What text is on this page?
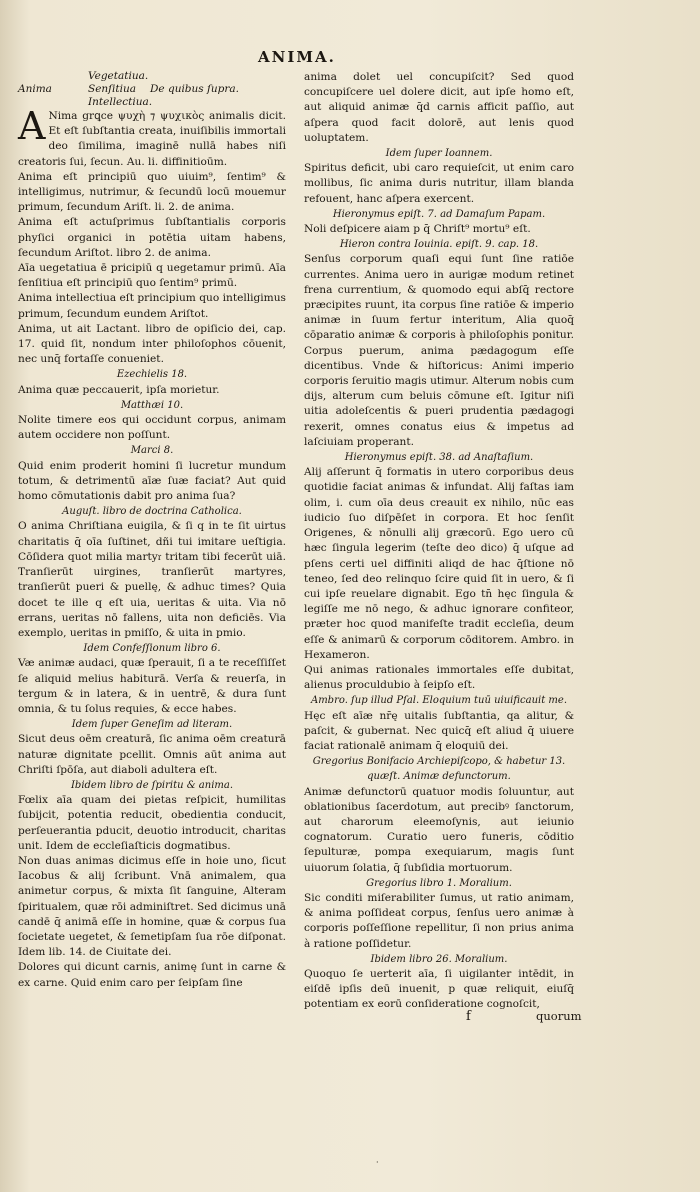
ANIMA.
Vegetatiua.
Anima	Senſitiua	De quibus ſupra.
Intellectiua.

A Nima grꝗce ψυχὴ ⁊ ψυχικὸς animalis dicit. Et eſt ſubſtantia creata, inuiſibilis immortali deo ſimilima, imaginē nullā habes niſi creatoris ſui, ſecun. Au. li. diffinitioūm.

Anima eſt principiū quo uiuim⁹, ſentim⁹ & intelligimus, nutrimur, & ſecundū locū mouemur primum, ſecundum Ariſt. li. 2. de anima.

Anima eſt actuſprimus ſubſtantialis corporis phyſici organici in potētia uitam habens, ſecundum Ariſtot. libro 2. de anima.

Aīa uegetatiua ē pricipiū q uegetamur primū. Aīa ſenſitiua eſt principiū quo ſentim⁹ primū.

Anima intellectiua eſt principium quo intelligimus primum, ſecundum eundem Ariſtot.

Anima, ut ait Lactant. libro de opiſicio dei, cap. 17. quid ſit, nondum inter philoſophos cōuenit, nec unq̄ fortaſſe conueniet.

Ezechielis 18.

Anima quæ peccauerit, ipſa morietur.

Matthæi 10.

Nolite timere eos qui occidunt corpus, animam autem occidere non poſſunt.

Marci 8.

Quid enim proderit homini ſi lucretur mundum totum, & detrimentū aīæ ſuæ faciat? Aut quid homo cōmutationis dabit pro anima ſua?

Auguſt. libro de doctrina Catholica.

O anima Chriſtiana euigila, & ſi q in te ſit uirtus charitatis q̄ oīa ſuſtinet, dñi tui imitare ueſtigia. Cōſidera quot milia marty𝔯 tritam tibi fecerūt uiā. Tranſierūt uirgines, tranſierūt martyres, tranſierūt pueri & puellę, & adhuc times? Quia docet te ille q eſt uia, ueritas & uita. Via nō errans, ueritas nō fallens, uita non deficiēs. Via exemplo, ueritas in pmiſſo, & uita in pmio.

Idem Confeſſionum libro 6.

Væ animæ audaci, quæ ſperauit, ſi a te receſſiſſet ſe aliquid melius habiturā. Verſa & reuerſa, in tergum & in latera, & in uentrē, & dura ſunt omnia, & tu ſolus requies, & ecce habes.

Idem ſuper Geneſim ad literam.

Sicut deus oēm creaturā, ſic anima oēm creaturā naturæ dignitate pcellit. Omnis aūt anima aut Chriſti ſpōſa, aut diaboli adultera eſt.

Ibidem libro de ſpiritu & anima.

Fœlix aīa quam dei pietas reſpicit, humilitas ſubijcit, potentia reducit, obedientia conducit, perſeuerantia pducit, deuotio introducit, charitas unit. Idem de eccleſiaſticis dogmatibus.

Non duas animas dicimus eſſe in hoie uno, ſicut Iacobus & alij ſcribunt. Vnā animalem, qua animetur corpus, & mixta ſit ſanguine, Alteram ſpiritualem, quæ rōi adminiſtret. Sed dicimus unā candē q̄ animā eſſe in homine, quæ & corpus ſua ſocietate uegetet, & ſemetipſam ſua rōe diſponat. Idem lib. 14. de Ciuitate dei.

Dolores qui dicunt carnis, animę ſunt in carne & ex carne. Quid enim caro per ſeipſam ſine

anima dolet uel concupiſcit? Sed quod concupiſcere uel dolere dicit, aut ipſe homo eſt, aut aliquid animæ q̄d carnis afficit paſſio, aut aſpera quod facit dolorē, aut lenis quod uoluptatem.

Idem ſuper Ioannem.

Spiritus deficit, ubi caro requieſcit, ut enim caro mollibus, ſic anima duris nutritur, illam blanda refouent, hanc aſpera exercent.

Hieronymus epiſt. 7. ad Damaſum Papam.

Noli deſpicere aiam p q̄ Chriſt⁹ mortu⁹ eſt.

Hieron contra Iouinia. epiſt. 9. cap. 18.

Senſus corporum quaſi equi ſunt ſine ratiōe currentes. Anima uero in aurigæ modum retinet frena currentium, & quomodo equi abſq̄ rectore præcipites ruunt, ita corpus ſine ratiōe & imperio animæ in ſuum fertur interitum, Alia quoq̄ cōparatio animæ & corporis à philoſophis ponitur. Corpus puerum, anima pædagogum eſſe dicentibus. Vnde & hiſtoricus: Animi imperio corporis ſeruitio magis utimur. Alterum nobis cum dijs, alterum cum beluis cōmune eſt. Igitur niſi uitia adoleſcentis & pueri prudentia pædagogi rexerit, omnes conatus eius & impetus ad laſciuiam properant.

Hieronymus epiſt. 38. ad Anaſtaſium.

Alij aſſerunt q̄ formatis in utero corporibus deus quotidie faciat animas & infundat. Alij faſtas iam olim, i. cum oīa deus creauit ex nihilo, nūc eas iudicio ſuo diſpēſet in corpora. Et hoc ſenſit Origenes, & nōnulli alij græcorū. Ego uero cū hæc ſingula legerim (teſte deo dico) q̄ uſque ad pſens certi uel diffiniti aliqd de hac q̄ſtione nō teneo, ſed deo relinquo ſcire quid ſit in uero, & ſi cui ipſe reuelare dignabit. Ego tn̄ hęc ſingula & legiſſe me nō nego, & adhuc ignorare confiteor, præter hoc quod manifeſte tradit eccleſia, deum eſſe & animarū & corporum cōditorem. Ambro. in Hexameron.

Qui animas rationales immortales eſſe dubitat, alienus proculdubio à ſeipſo eſt.

Ambro. ſup illud Pſal. Eloquium tuū uiuificauit me.

Hęc eſt aīæ nr̄ę uitalis ſubſtantia, qa alitur, & paſcit, & gubernat. Nec quicq̄ eſt aliud q̄ uiuere faciat rationalē animam q̄ eloquiū dei.

Gregorius Bonifacio Archiepiſcopo, & habetur 13. quæſt. Animæ defunctorum.

Animæ defunctorū quatuor modis ſoluuntur, aut oblationibus ſacerdotum, aut precibꝰ ſanctorum, aut charorum eleemoſynis, aut ieiunio cognatorum. Curatio uero funeris, cōditio ſepulturæ, pompa exequiarum, magis ſunt uiuorum ſolatia, q̄ ſubſidia mortuorum.

Gregorius libro 1. Moralium.

Sic conditi miſerabiliter ſumus, ut ratio animam, & anima poſſideat corpus, ſenſus uero animæ à corporis poſſeſſione repellitur, ſi non prius anima à ratione poſſidetur.

Ibidem libro 26. Moralium.

Quoquo ſe uerterit aīa, ſi uigilanter intēdit, in eiſdē ipſis deū inuenit, p quæ reliquit, eiuſq̄ potentiam ex eorū conſideratione cognoſcit,

f	quorum
·
